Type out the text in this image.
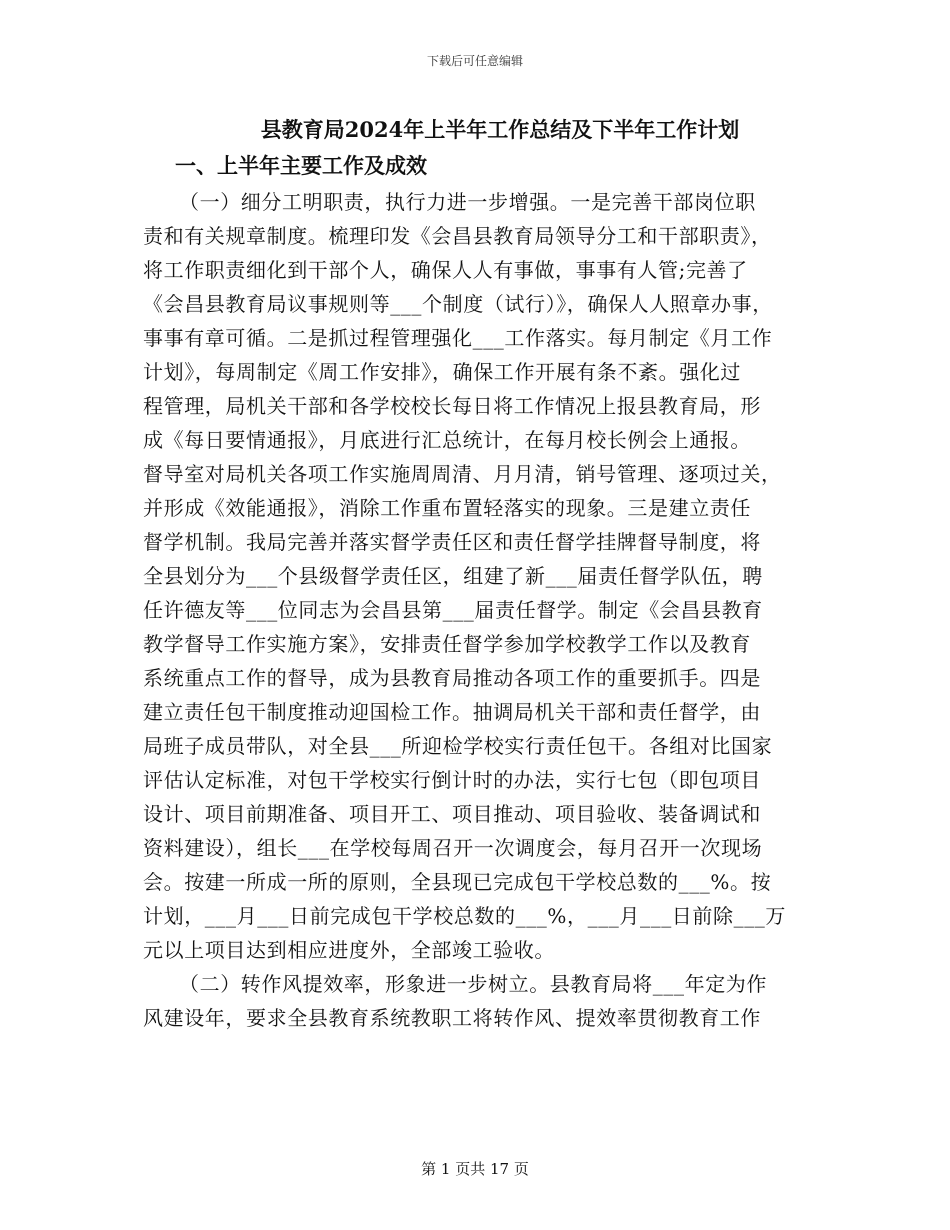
下载后可任意编辑
县教育局2024年上半年工作总结及下半年工作计划
一、上半年主要工作及成效
（一）细分工明职责，执行力进一步增强。一是完善干部岗位职
责和有关规章制度。梳理印发《会昌县教育局领导分工和干部职责》，
将工作职责细化到干部个人，确保人人有事做，事事有人管;完善了
《会昌县教育局议事规则等___个制度（试行）》，确保人人照章办事，
事事有章可循。二是抓过程管理强化___工作落实。每月制定《月工作
计划》，每周制定《周工作安排》，确保工作开展有条不紊。强化过
程管理，局机关干部和各学校校长每日将工作情况上报县教育局，形
成《每日要情通报》，月底进行汇总统计，在每月校长例会上通报。
督导室对局机关各项工作实施周周清、月月清，销号管理、逐项过关，
并形成《效能通报》，消除工作重布置轻落实的现象。三是建立责任
督学机制。我局完善并落实督学责任区和责任督学挂牌督导制度，将
全县划分为___个县级督学责任区，组建了新___届责任督学队伍，聘
任许德友等___位同志为会昌县第___届责任督学。制定《会昌县教育
教学督导工作实施方案》，安排责任督学参加学校教学工作以及教育
系统重点工作的督导，成为县教育局推动各项工作的重要抓手。四是
建立责任包干制度推动迎国检工作。抽调局机关干部和责任督学，由
局班子成员带队，对全县___所迎检学校实行责任包干。各组对比国家
评估认定标准，对包干学校实行倒计时的办法，实行七包（即包项目
设计、项目前期准备、项目开工、项目推动、项目验收、装备调试和
资料建设），组长___在学校每周召开一次调度会，每月召开一次现场
会。按建一所成一所的原则，全县现已完成包干学校总数的___%。按
计划，___月___日前完成包干学校总数的___%，___月___日前除___万
元以上项目达到相应进度外，全部竣工验收。
（二）转作风提效率，形象进一步树立。县教育局将___年定为作
风建设年，要求全县教育系统教职工将转作风、提效率贯彻教育工作
第 1 页共 17 页
